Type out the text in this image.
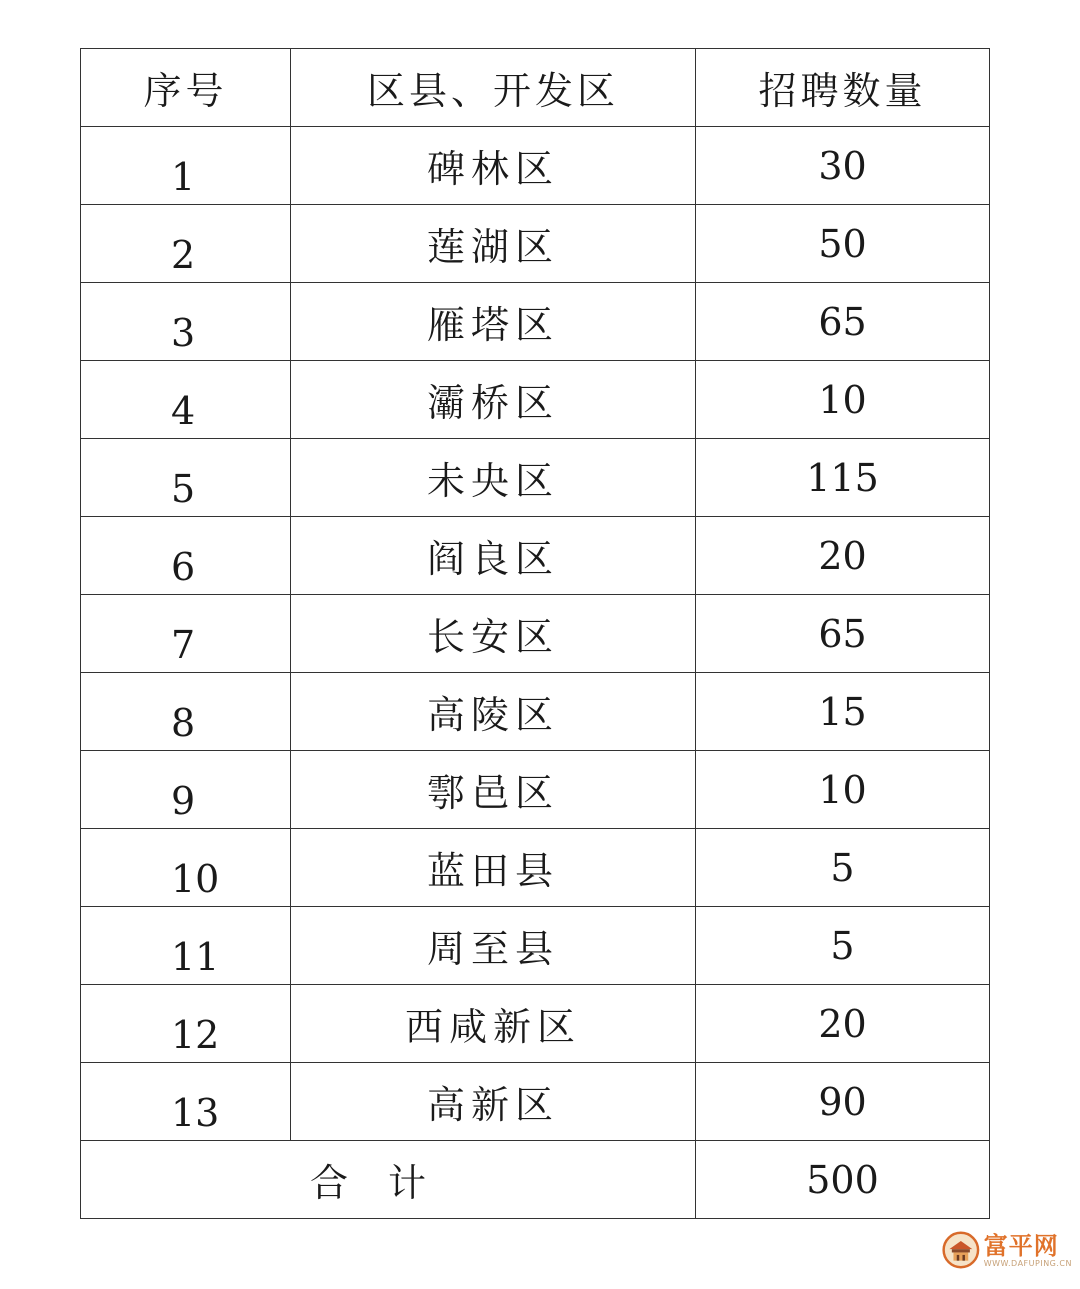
序号	区县、开发区	招聘数量
1	碑林区	30
2	莲湖区	50
3	雁塔区	65
4	灞桥区	10
5	未央区	115
6	阎良区	20
7	长安区	65
8	高陵区	15
9	鄠邑区	10
10	蓝田县	5
11	周至县	5
12	西咸新区	20
13	高新区	90
合计		500
富平网
WWW.DAFUPING.CN
